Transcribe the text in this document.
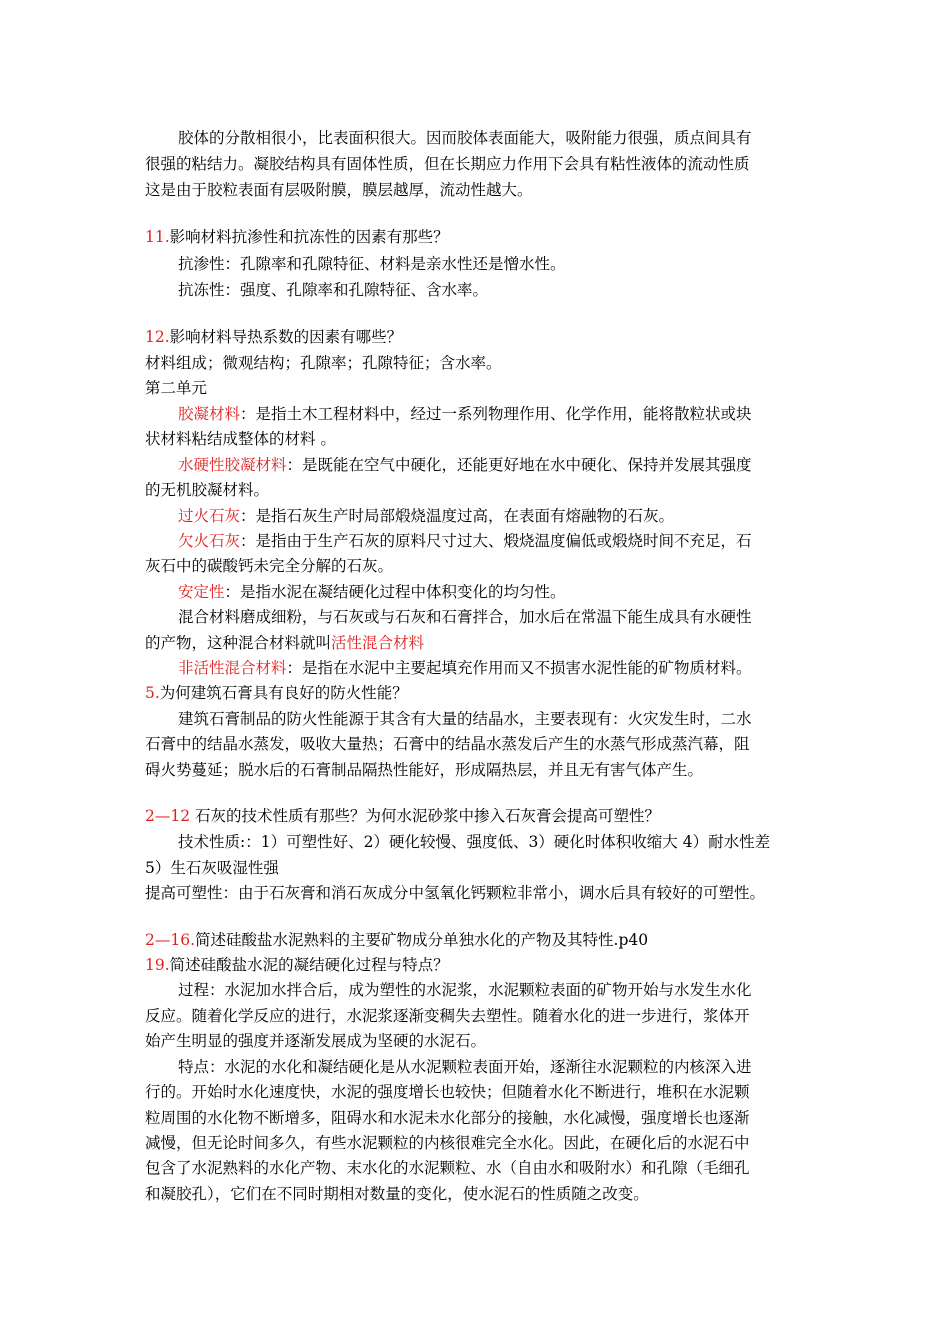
胶体的分散相很小，比表面积很大。因而胶体表面能大，吸附能力很强，质点间具有
很强的粘结力。凝胶结构具有固体性质，但在长期应力作用下会具有粘性液体的流动性质
这是由于胶粒表面有层吸附膜，膜层越厚，流动性越大。
11.影响材料抗渗性和抗冻性的因素有那些？
抗渗性：孔隙率和孔隙特征、材料是亲水性还是憎水性。
抗冻性：强度、孔隙率和孔隙特征、含水率。
12.影响材料导热系数的因素有哪些？
材料组成；微观结构；孔隙率；孔隙特征；含水率。
第二单元
胶凝材料：是指土木工程材料中，经过一系列物理作用、化学作用，能将散粒状或块
状材料粘结成整体的材料 。
水硬性胶凝材料：是既能在空气中硬化，还能更好地在水中硬化、保持并发展其强度
的无机胶凝材料。
过火石灰：是指石灰生产时局部煅烧温度过高，在表面有熔融物的石灰。
欠火石灰：是指由于生产石灰的原料尺寸过大、煅烧温度偏低或煅烧时间不充足，石
灰石中的碳酸钙未完全分解的石灰。
安定性：是指水泥在凝结硬化过程中体积变化的均匀性。
混合材料磨成细粉，与石灰或与石灰和石膏拌合，加水后在常温下能生成具有水硬性
的产物，这种混合材料就叫活性混合材料
非活性混合材料：是指在水泥中主要起填充作用而又不损害水泥性能的矿物质材料。
5.为何建筑石膏具有良好的防火性能？
建筑石膏制品的防火性能源于其含有大量的结晶水，主要表现有：火灾发生时，二水
石膏中的结晶水蒸发，吸收大量热；石膏中的结晶水蒸发后产生的水蒸气形成蒸汽幕，阻
碍火势蔓延；脱水后的石膏制品隔热性能好，形成隔热层，并且无有害气体产生。
2—12 石灰的技术性质有那些？为何水泥砂浆中掺入石灰膏会提高可塑性？
技术性质:：1）可塑性好、2）硬化较慢、强度低、3）硬化时体积收缩大 4）耐水性差
5）生石灰吸湿性强
提高可塑性：由于石灰膏和消石灰成分中氢氧化钙颗粒非常小，调水后具有较好的可塑性。
2—16.简述硅酸盐水泥熟料的主要矿物成分单独水化的产物及其特性.p40
19.简述硅酸盐水泥的凝结硬化过程与特点？
过程：水泥加水拌合后，成为塑性的水泥浆，水泥颗粒表面的矿物开始与水发生水化
反应。随着化学反应的进行，水泥浆逐渐变稠失去塑性。随着水化的进一步进行，浆体开
始产生明显的强度并逐渐发展成为坚硬的水泥石。
特点：水泥的水化和凝结硬化是从水泥颗粒表面开始，逐渐往水泥颗粒的内核深入进
行的。开始时水化速度快，水泥的强度增长也较快；但随着水化不断进行，堆积在水泥颗
粒周围的水化物不断增多，阻碍水和水泥未水化部分的接触，水化减慢，强度增长也逐渐
减慢，但无论时间多久，有些水泥颗粒的内核很难完全水化。因此，在硬化后的水泥石中
包含了水泥熟料的水化产物、末水化的水泥颗粒、水（自由水和吸附水）和孔隙（毛细孔
和凝胶孔），它们在不同时期相对数量的变化，使水泥石的性质随之改变。
